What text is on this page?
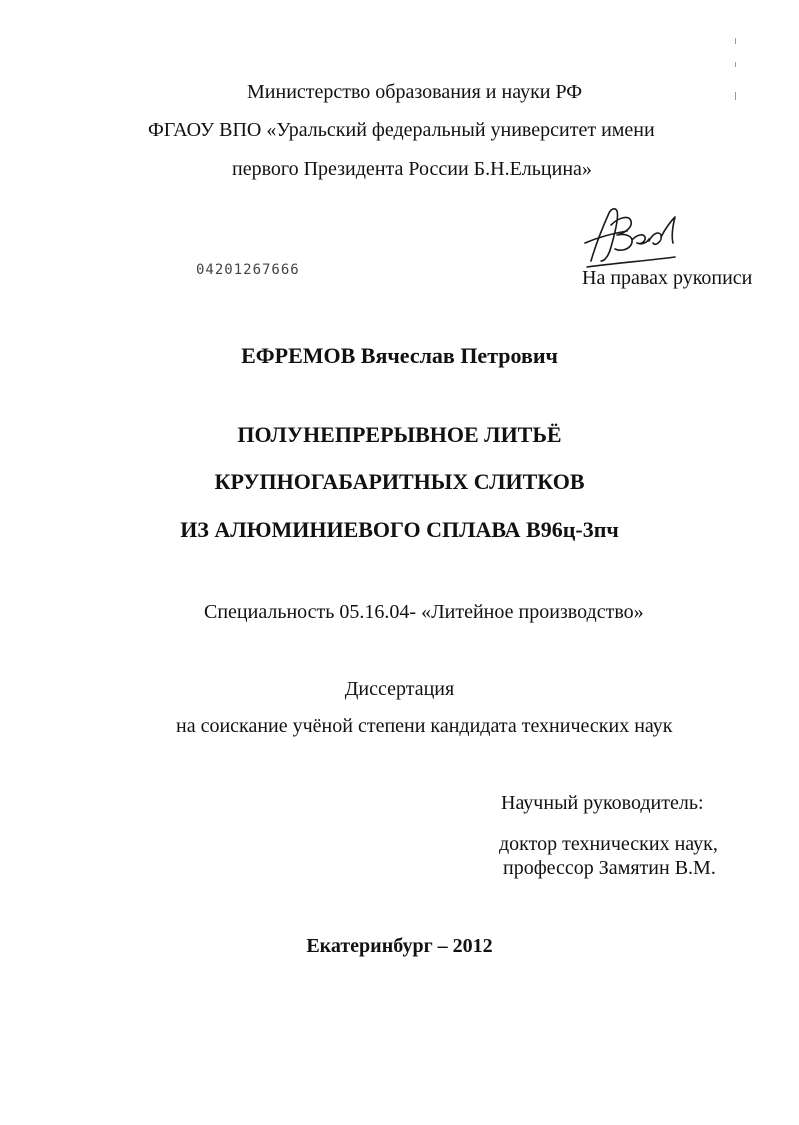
Министерство образования и науки РФ
ФГАОУ ВПО «Уральский федеральный университет имени
первого Президента России Б.Н.Ельцина»
04201267666	На правах рукописи
ЕФРЕМОВ Вячеслав Петрович
ПОЛУНЕПРЕРЫВНОЕ ЛИТЬЁ
КРУПНОГАБАРИТНЫХ СЛИТКОВ
ИЗ АЛЮМИНИЕВОГО СПЛАВА В96ц-3пч
Специальность 05.16.04- «Литейное производство»
Диссертация
на соискание учёной степени кандидата технических наук
Научный руководитель:
доктор технических наук,
профессор Замятин В.М.
Екатеринбург – 2012
